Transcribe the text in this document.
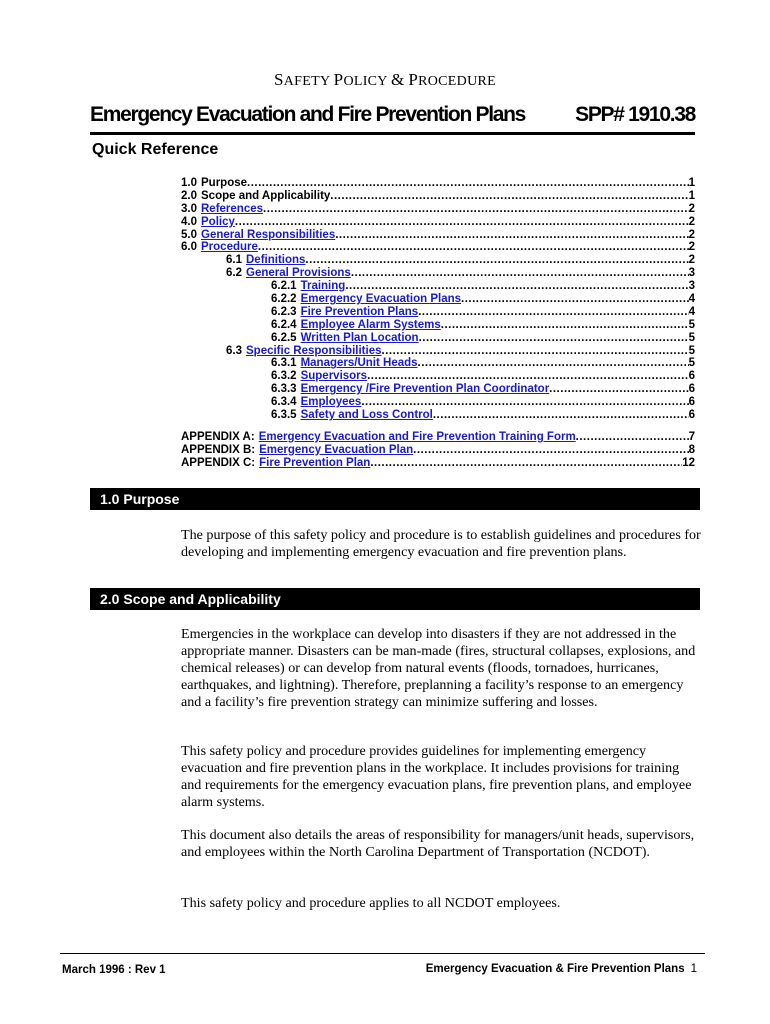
SAFETY POLICY & PROCEDURE
Emergency Evacuation and Fire Prevention Plans SPP# 1910.38
Quick Reference
1.0 Purpose .....	1
2.0 Scope and Applicability .....	1
3.0 References .....	2
4.0 Policy .....	2
5.0 General Responsibilities .....	2
6.0 Procedure .....	2
6.1 Definitions .....	2
6.2 General Provisions .....	3
6.2.1 Training .....	3
6.2.2 Emergency Evacuation Plans .....	4
6.2.3 Fire Prevention Plans .....	4
6.2.4 Employee Alarm Systems .....	5
6.2.5 Written Plan Location .....	5
6.3 Specific Responsibilities .....	5
6.3.1 Managers/Unit Heads .....	5
6.3.2 Supervisors .....	6
6.3.3 Emergency /Fire Prevention Plan Coordinator .....	6
6.3.4 Employees .....	6
6.3.5 Safety and Loss Control .....	6
APPENDIX A: Emergency Evacuation and Fire Prevention Training Form .....	7
APPENDIX B: Emergency Evacuation Plan .....	8
APPENDIX C: Fire Prevention Plan .....	12
1.0 Purpose
The purpose of this safety policy and procedure is to establish guidelines and procedures for developing and implementing emergency evacuation and fire prevention plans.
2.0 Scope and Applicability
Emergencies in the workplace can develop into disasters if they are not addressed in the appropriate manner. Disasters can be man-made (fires, structural collapses, explosions, and chemical releases) or can develop from natural events (floods, tornadoes, hurricanes, earthquakes, and lightning). Therefore, preplanning a facility’s response to an emergency and a facility’s fire prevention strategy can minimize suffering and losses.
This safety policy and procedure provides guidelines for implementing emergency evacuation and fire prevention plans in the workplace. It includes provisions for training and requirements for the emergency evacuation plans, fire prevention plans, and employee alarm systems.
This document also details the areas of responsibility for managers/unit heads, supervisors, and employees within the North Carolina Department of Transportation (NCDOT).
This safety policy and procedure applies to all NCDOT employees.
March 1996 : Rev 1	Emergency Evacuation & Fire Prevention Plans 1
